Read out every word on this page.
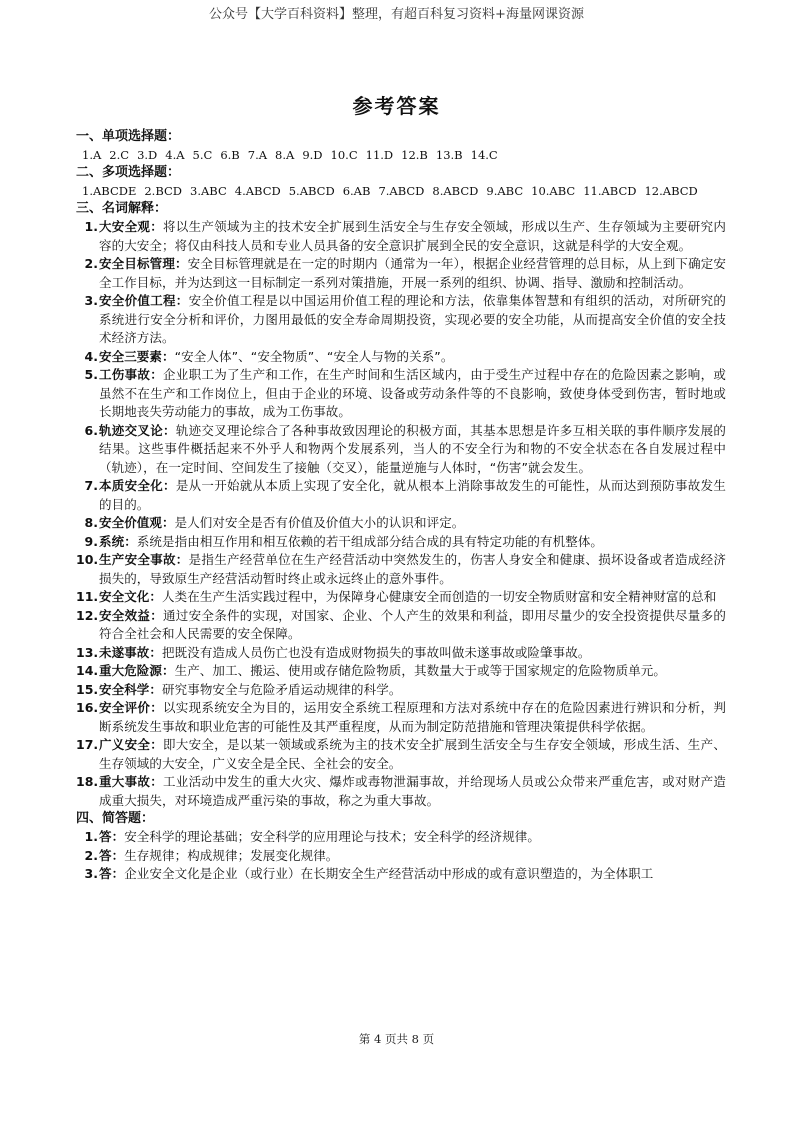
公众号【大学百科资料】整理，有超百科复习资料+海量网课资源
参考答案
一、单项选择题：
1.A 2.C 3.D 4.A 5.C 6.B 7.A 8.A 9.D 10.C 11.D 12.B 13.B 14.C
二、多项选择题：
1.ABCDE 2.BCD 3.ABC 4.ABCD 5.ABCD 6.AB 7.ABCD 8.ABCD 9.ABC 10.ABC 11.ABCD 12.ABCD
三、名词解释：
1. 大安全观：将以生产领域为主的技术安全扩展到生活安全与生存安全领域，形成以生产、生存领域为主要研究内容的大安全；将仅由科技人员和专业人员具备的安全意识扩展到全民的安全意识，这就是科学的大安全观。
2. 安全目标管理：安全目标管理就是在一定的时期内（通常为一年），根据企业经营管理的总目标，从上到下确定安全工作目标，并为达到这一目标制定一系列对策措施，开展一系列的组织、协调、指导、激励和控制活动。
3. 安全价值工程：安全价值工程是以中国运用价值工程的理论和方法，依靠集体智慧和有组织的活动，对所研究的系统进行安全分析和评价，力图用最低的安全寿命周期投资，实现必要的安全功能，从而提高安全价值的安全技术经济方法。
4. 安全三要素：“安全人体”、“安全物质”、“安全人与物的关系”。
5. 工伤事故：企业职工为了生产和工作，在生产时间和生活区域内，由于受生产过程中存在的危险因素之影响，或虽然不在生产和工作岗位上，但由于企业的环境、设备或劳动条件等的不良影响，致使身体受到伤害，暂时地或长期地丧失劳动能力的事故，成为工伤事故。
6. 轨迹交叉论：轨迹交叉理论综合了各种事故致因理论的积极方面，其基本思想是许多互相关联的事件顺序发展的结果。这些事件概括起来不外乎人和物两个发展系列，当人的不安全行为和物的不安全状态在各自发展过程中（轨迹），在一定时间、空间发生了接触（交叉），能量逆施与人体时，“伤害”就会发生。
7. 本质安全化：是从一开始就从本质上实现了安全化，就从根本上消除事故发生的可能性，从而达到预防事故发生的目的。
8. 安全价值观：是人们对安全是否有价值及价值大小的认识和评定。
9. 系统：系统是指由相互作用和相互依赖的若干组成部分结合成的具有特定功能的有机整体。
10. 生产安全事故：是指生产经营单位在生产经营活动中突然发生的，伤害人身安全和健康、损坏设备或者造成经济损失的，导致原生产经营活动暂时终止或永远终止的意外事件。
11. 安全文化：人类在生产生活实践过程中，为保障身心健康安全而创造的一切安全物质财富和安全精神财富的总和
12. 安全效益：通过安全条件的实现，对国家、企业、个人产生的效果和利益，即用尽量少的安全投资提供尽量多的符合全社会和人民需要的安全保障。
13. 未遂事故：把既没有造成人员伤亡也没有造成财物损失的事故叫做未遂事故或险肇事故。
14. 重大危险源：生产、加工、搬运、使用或存储危险物质，其数量大于或等于国家规定的危险物质单元。
15. 安全科学：研究事物安全与危险矛盾运动规律的科学。
16. 安全评价：以实现系统安全为目的，运用安全系统工程原理和方法对系统中存在的危险因素进行辨识和分析，判断系统发生事故和职业危害的可能性及其严重程度，从而为制定防范措施和管理决策提供科学依据。
17. 广义安全：即大安全，是以某一领域或系统为主的技术安全扩展到生活安全与生存安全领域，形成生活、生产、生存领域的大安全，广义安全是全民、全社会的安全。
18. 重大事故：工业活动中发生的重大火灾、爆炸或毒物泄漏事故，并给现场人员或公众带来严重危害，或对财产造成重大损失，对环境造成严重污染的事故，称之为重大事故。
四、简答题：
1. 答：安全科学的理论基础；安全科学的应用理论与技术；安全科学的经济规律。
2. 答：生存规律；构成规律；发展变化规律。
3. 答：企业安全文化是企业（或行业）在长期安全生产经营活动中形成的或有意识塑造的，为全体职工
第 4 页共 8 页
